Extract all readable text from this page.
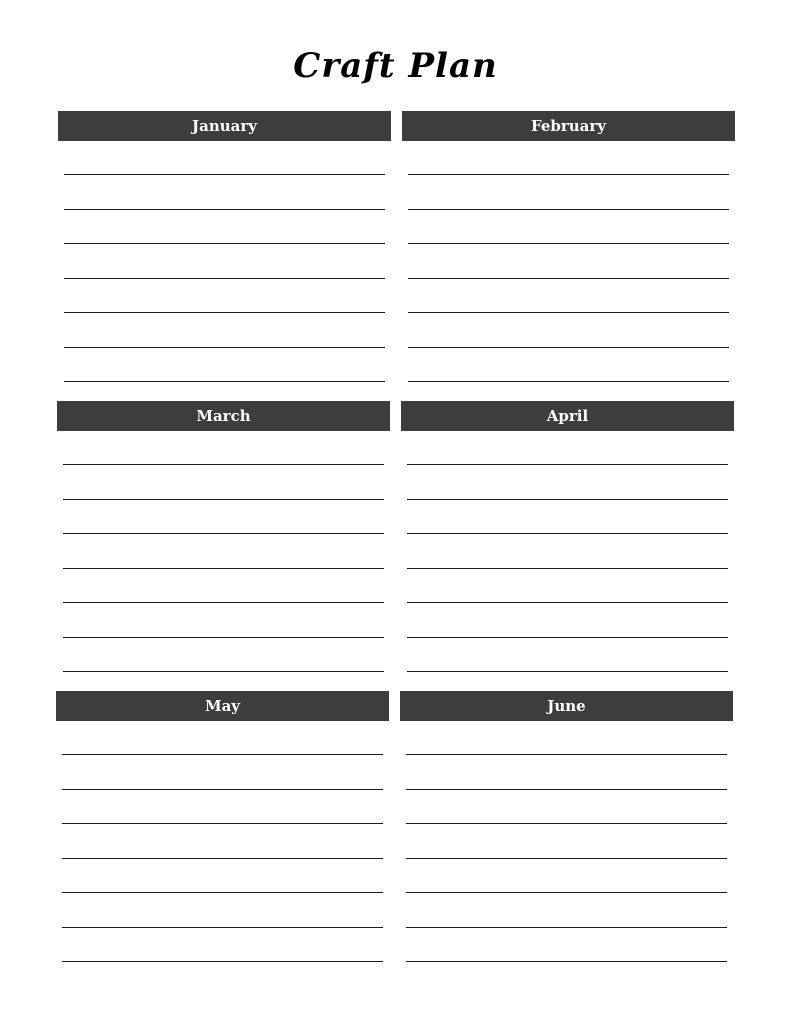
Craft Plan
January	February
March	April
May	June
